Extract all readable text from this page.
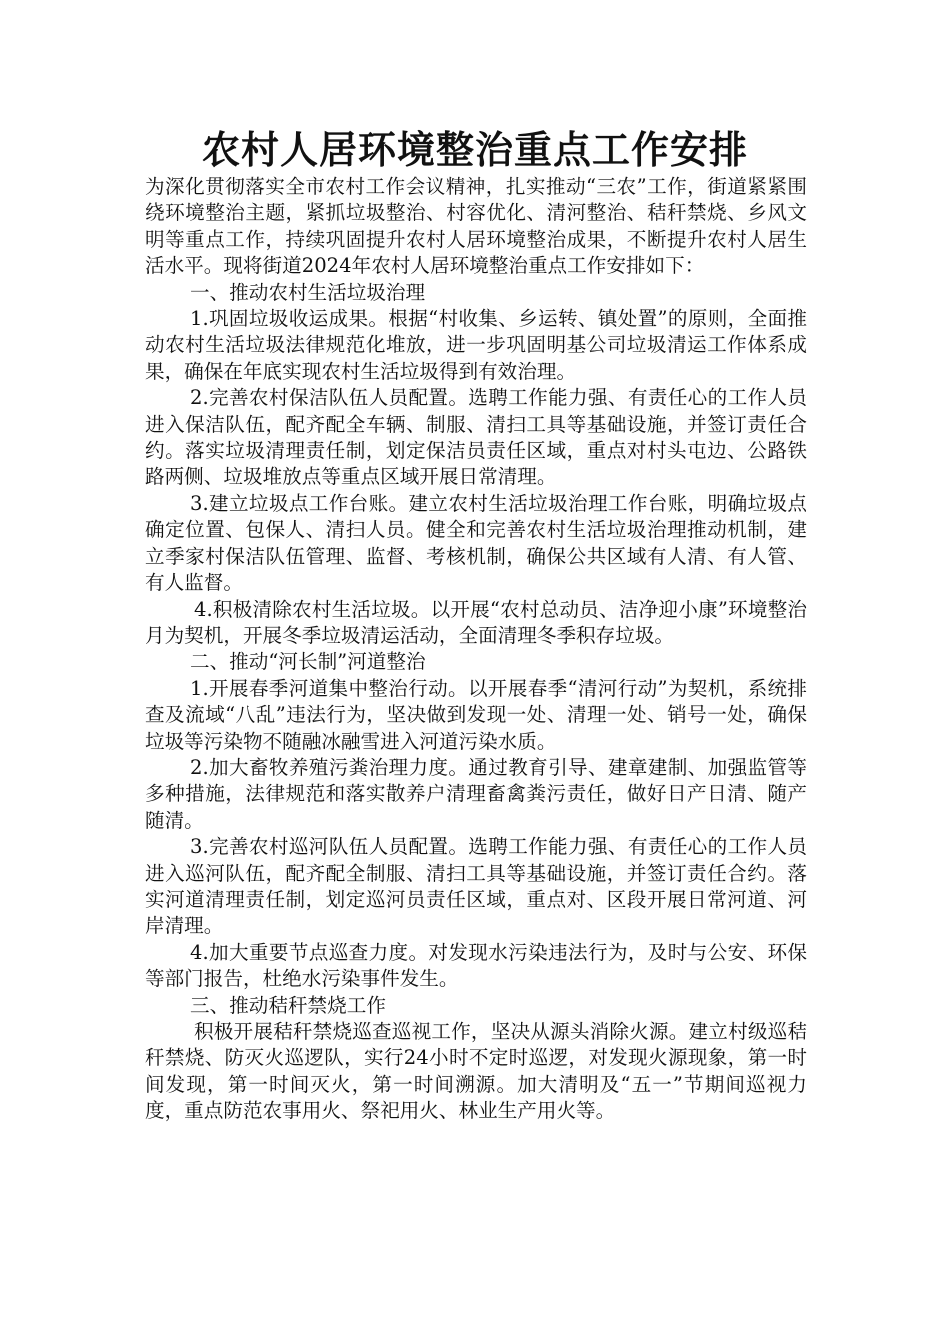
农村人居环境整治重点工作安排

为深化贯彻落实全市农村工作会议精神，扎实推动“三农”工作，街道紧紧围绕环境整治主题，紧抓垃圾整治、村容优化、清河整治、秸秆禁烧、乡风文明等重点工作，持续巩固提升农村人居环境整治成果，不断提升农村人居生活水平。现将街道2024年农村人居环境整治重点工作安排如下：

一、推动农村生活垃圾治理

1.巩固垃圾收运成果。根据“村收集、乡运转、镇处置”的原则，全面推动农村生活垃圾法律规范化堆放，进一步巩固明基公司垃圾清运工作体系成果，确保在年底实现农村生活垃圾得到有效治理。

2.完善农村保洁队伍人员配置。选聘工作能力强、有责任心的工作人员进入保洁队伍，配齐配全车辆、制服、清扫工具等基础设施，并签订责任合约。落实垃圾清理责任制，划定保洁员责任区域，重点对村头屯边、公路铁路两侧、垃圾堆放点等重点区域开展日常清理。

3.建立垃圾点工作台账。建立农村生活垃圾治理工作台账，明确垃圾点确定位置、包保人、清扫人员。健全和完善农村生活垃圾治理推动机制，建立季家村保洁队伍管理、监督、考核机制，确保公共区域有人清、有人管、有人监督。

4.积极清除农村生活垃圾。以开展“农村总动员、洁净迎小康”环境整治月为契机，开展冬季垃圾清运活动，全面清理冬季积存垃圾。

二、推动“河长制”河道整治

1.开展春季河道集中整治行动。以开展春季“清河行动”为契机，系统排查及流域“八乱”违法行为，坚决做到发现一处、清理一处、销号一处，确保垃圾等污染物不随融冰融雪进入河道污染水质。

2.加大畜牧养殖污粪治理力度。通过教育引导、建章建制、加强监管等多种措施，法律规范和落实散养户清理畜禽粪污责任，做好日产日清、随产随清。

3.完善农村巡河队伍人员配置。选聘工作能力强、有责任心的工作人员进入巡河队伍，配齐配全制服、清扫工具等基础设施，并签订责任合约。落实河道清理责任制，划定巡河员责任区域，重点对、区段开展日常河道、河岸清理。

4.加大重要节点巡查力度。对发现水污染违法行为，及时与公安、环保等部门报告，杜绝水污染事件发生。

三、推动秸秆禁烧工作

积极开展秸秆禁烧巡查巡视工作，坚决从源头消除火源。建立村级巡秸秆禁烧、防灭火巡逻队，实行24小时不定时巡逻，对发现火源现象，第一时间发现，第一时间灭火，第一时间溯源。加大清明及“五一”节期间巡视力度，重点防范农事用火、祭祀用火、林业生产用火等。
